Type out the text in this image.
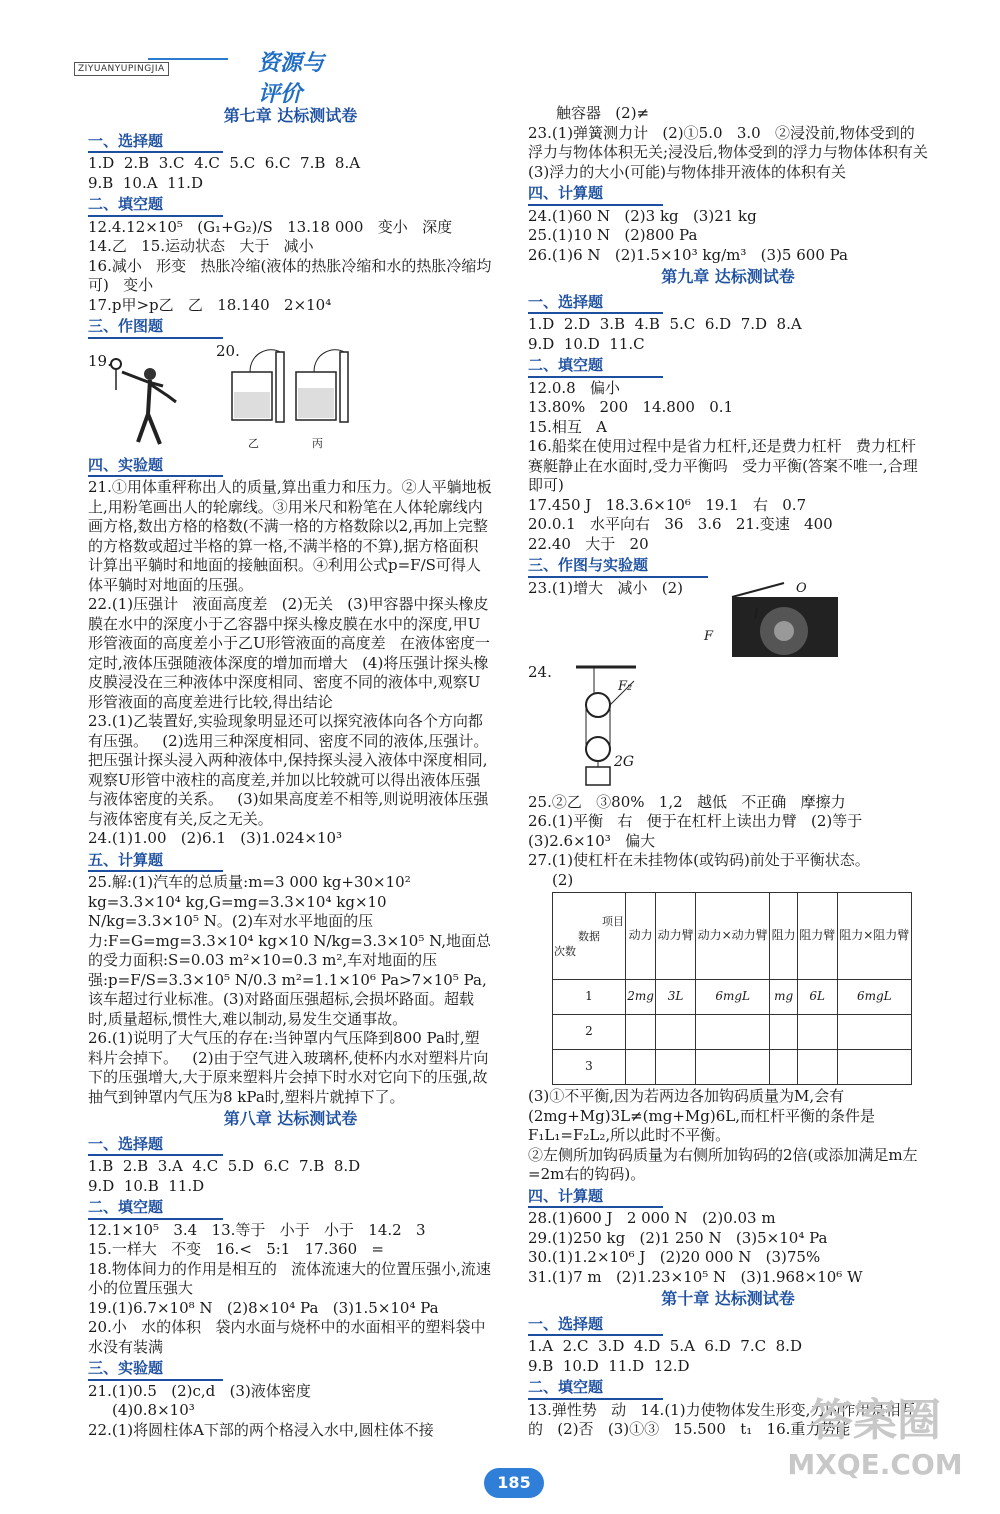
ZIYUANYUPINGJIA	资源与评价
第七章 达标测试卷
一、选择题
1.D  2.B  3.C  4.C  5.C  6.C  7.B  8.A
9.B  10.A  11.D
二、填空题
12.4.12×10⁵   (G₁+G₂)/S   13.18 000   变小   深度
14.乙   15.运动状态   大于   减小
16.减小   形变   热胀冷缩(液体的热胀冷缩和水的热胀冷缩均可)   变小
17.p甲>p乙   乙   18.140   2×10⁴
三、作图题
19.
20.
乙	丙
四、实验题
21.①用体重秤称出人的质量,算出重力和压力。②人平躺地板上,用粉笔画出人的轮廓线。③用米尺和粉笔在人体轮廓线内画方格,数出方格的格数(不满一格的方格数除以2,再加上完整的方格数或超过半格的算一格,不满半格的不算),据方格面积计算出平躺时和地面的接触面积。④利用公式p=F/S可得人体平躺时对地面的压强。
22.(1)压强计   液面高度差   (2)无关   (3)甲容器中探头橡皮膜在水中的深度小于乙容器中探头橡皮膜在水中的深度,甲U形管液面的高度差小于乙U形管液面的高度差   在液体密度一定时,液体压强随液体深度的增加而增大   (4)将压强计探头橡皮膜浸没在三种液体中深度相同、密度不同的液体中,观察U形管液面的高度差进行比较,得出结论
23.(1)乙装置好,实验现象明显还可以探究液体向各个方向都有压强。   (2)选用三种深度相同、密度不同的液体,压强计。把压强计探头浸入两种液体中,保持探头浸入液体中深度相同,观察U形管中液柱的高度差,并加以比较就可以得出液体压强与液体密度的关系。   (3)如果高度差不相等,则说明液体压强与液体密度有关,反之无关。
24.(1)1.00   (2)6.1   (3)1.024×10³
五、计算题
25.解:(1)汽车的总质量:m=3 000 kg+30×10² kg=3.3×10⁴ kg,G=mg=3.3×10⁴ kg×10 N/kg=3.3×10⁵ N。(2)车对水平地面的压力:F=G=mg=3.3×10⁴ kg×10 N/kg=3.3×10⁵ N,地面总的受力面积:S=0.03 m²×10=0.3 m²,车对地面的压强:p=F/S=3.3×10⁵ N/0.3 m²=1.1×10⁶ Pa>7×10⁵ Pa,该车超过行业标准。(3)对路面压强超标,会损坏路面。超载时,质量超标,惯性大,难以制动,易发生交通事故。
26.(1)说明了大气压的存在:当钟罩内气压降到800 Pa时,塑料片会掉下。   (2)由于空气进入玻璃杯,使杯内水对塑料片向下的压强增大,大于原来塑料片会掉下时水对它向下的压强,故抽气到钟罩内气压为8 kPa时,塑料片就掉下了。
第八章 达标测试卷
一、选择题
1.B  2.B  3.A  4.C  5.D  6.C  7.B  8.D
9.D  10.B  11.D
二、填空题
12.1×10⁵   3.4   13.等于   小于   小于   14.2   3
15.一样大   不变   16.<   5:1   17.360   =
18.物体间力的作用是相互的   流体流速大的位置压强小,流速小的位置压强大
19.(1)6.7×10⁸ N   (2)8×10⁴ Pa   (3)1.5×10⁴ Pa
20.小   水的体积   袋内水面与烧杯中的水面相平的塑料袋中水没有装满
三、实验题
21.(1)0.5   (2)c,d   (3)液体密度
(4)0.8×10³
22.(1)将圆柱体A下部的两个格浸入水中,圆柱体不接
触容器   (2)≠
23.(1)弹簧测力计   (2)①5.0   3.0   ②浸没前,物体受到的浮力与物体体积无关;浸没后,物体受到的浮力与物体体积有关   (3)浮力的大小(可能)与物体排开液体的体积有关
四、计算题
24.(1)60 N   (2)3 kg   (3)21 kg
25.(1)10 N   (2)800 Pa
26.(1)6 N   (2)1.5×10³ kg/m³   (3)5 600 Pa
第九章 达标测试卷
一、选择题
1.D  2.D  3.B  4.B  5.C  6.D  7.D  8.A
9.D  10.D  11.C
二、填空题
12.0.8   偏小
13.80%   200   14.800   0.1
15.相互   A
16.船桨在使用过程中是省力杠杆,还是费力杠杆   费力杠杆   赛艇静止在水面时,受力平衡吗   受力平衡(答案不唯一,合理即可)
17.450 J   18.3.6×10⁶   19.1   右   0.7
20.0.1   水平向右   36   3.6   21.变速   400
22.40   大于   20
三、作图与实验题
23.(1)增大   减小   (2)	O
l
F
24.
F₂
2G
25.②乙   ③80%   1,2   越低   不正确   摩擦力
26.(1)平衡   右   便于在杠杆上读出力臂   (2)等于   (3)2.6×10³   偏大
27.(1)使杠杆在未挂物体(或钩码)前处于平衡状态。
(2)
项目
数据
次数	动力	动力臂	动力×动力臂	阻力	阻力臂	阻力×阻力臂
1	2mg	3L	6mgL	mg	6L	6mgL
2						
3						
(3)①不平衡,因为若两边各加钩码质量为M,会有(2mg+Mg)3L≠(mg+Mg)6L,而杠杆平衡的条件是F₁L₁=F₂L₂,所以此时不平衡。
②左侧所加钩码质量为右侧所加钩码的2倍(或添加满足m左=2m右的钩码)。
四、计算题
28.(1)600 J   2 000 N   (2)0.03 m
29.(1)250 kg   (2)1 250 N   (3)5×10⁴ Pa
30.(1)1.2×10⁶ J   (2)20 000 N   (3)75%
31.(1)7 m   (2)1.23×10⁵ N   (3)1.968×10⁶ W
第十章 达标测试卷
一、选择题
1.A  2.C  3.D  4.D  5.A  6.D  7.C  8.D
9.B  10.D  11.D  12.D
二、填空题
13.弹性势   动   14.(1)力使物体发生形变,力的作用是相互的   (2)否   (3)①③   15.500   t₁   16.重力势能
185
答案圈
MXQE.COM
